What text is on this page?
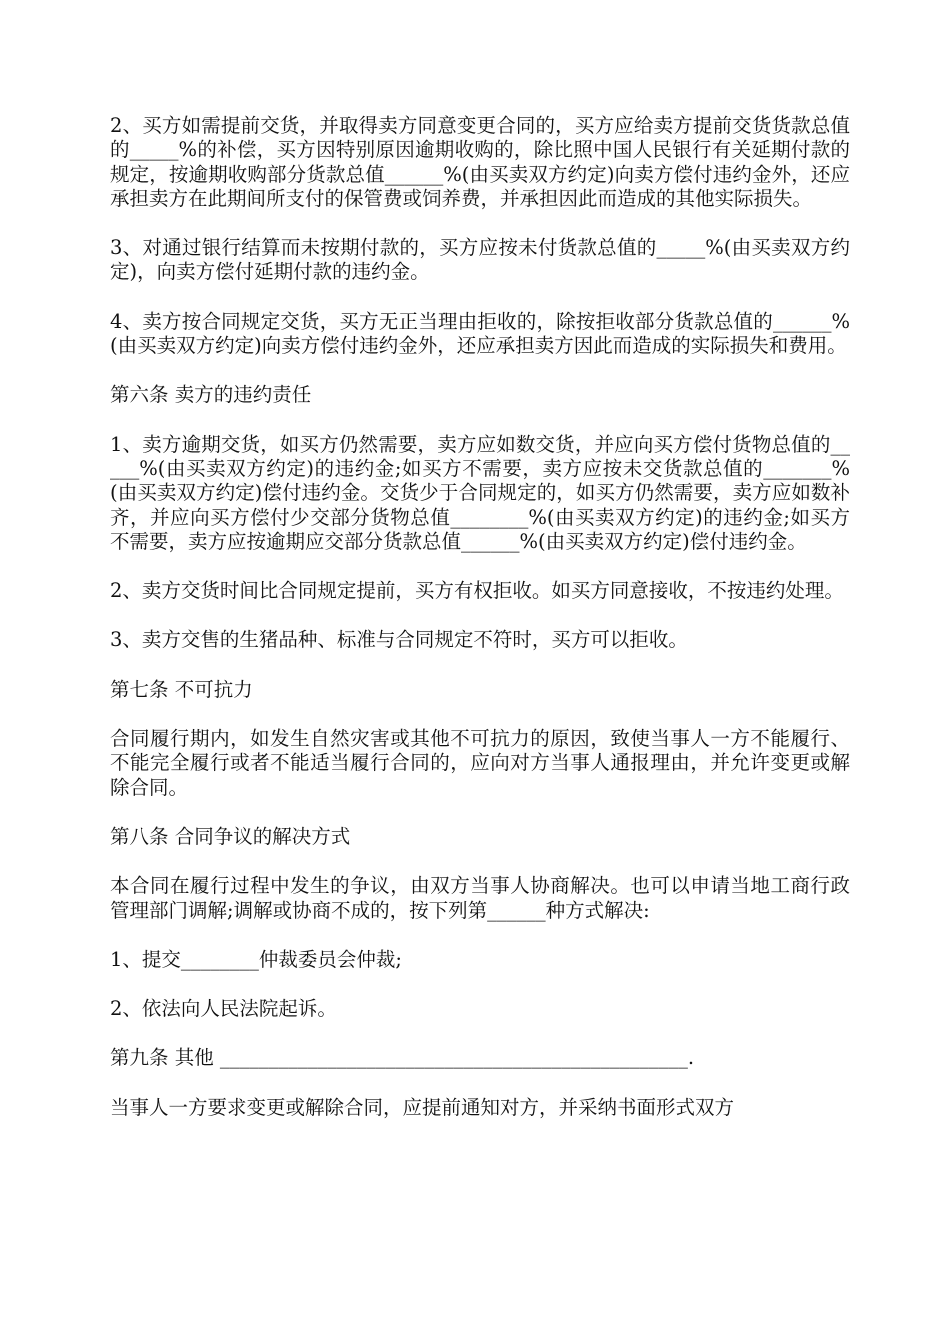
2、买方如需提前交货，并取得卖方同意变更合同的，买方应给卖方提前交货货款总值的_____%的补偿，买方因特别原因逾期收购的，除比照中国人民银行有关延期付款的规定，按逾期收购部分货款总值______%(由买卖双方约定)向卖方偿付违约金外，还应承担卖方在此期间所支付的保管费或饲养费，并承担因此而造成的其他实际损失。

3、对通过银行结算而未按期付款的，买方应按未付货款总值的_____%(由买卖双方约定)，向卖方偿付延期付款的违约金。

4、卖方按合同规定交货，买方无正当理由拒收的，除按拒收部分货款总值的______%(由买卖双方约定)向卖方偿付违约金外，还应承担卖方因此而造成的实际损失和费用。

第六条 卖方的违约责任

1、卖方逾期交货，如买方仍然需要，卖方应如数交货，并应向买方偿付货物总值的_____%(由买卖双方约定)的违约金;如买方不需要，卖方应按未交货款总值的_______%(由买卖双方约定)偿付违约金。交货少于合同规定的，如买方仍然需要，卖方应如数补齐，并应向买方偿付少交部分货物总值________%(由买卖双方约定)的违约金;如买方不需要，卖方应按逾期应交部分货款总值______%(由买卖双方约定)偿付违约金。

2、卖方交货时间比合同规定提前，买方有权拒收。如买方同意接收，不按违约处理。

3、卖方交售的生猪品种、标准与合同规定不符时，买方可以拒收。

第七条 不可抗力

合同履行期内，如发生自然灾害或其他不可抗力的原因，致使当事人一方不能履行、不能完全履行或者不能适当履行合同的，应向对方当事人通报理由，并允许变更或解除合同。

第八条 合同争议的解决方式

本合同在履行过程中发生的争议，由双方当事人协商解决。也可以申请当地工商行政管理部门调解;调解或协商不成的，按下列第______种方式解决:

1、提交________仲裁委员会仲裁;

2、依法向人民法院起诉。

第九条 其他 ________________________________________________.

当事人一方要求变更或解除合同，应提前通知对方，并采纳书面形式双方
